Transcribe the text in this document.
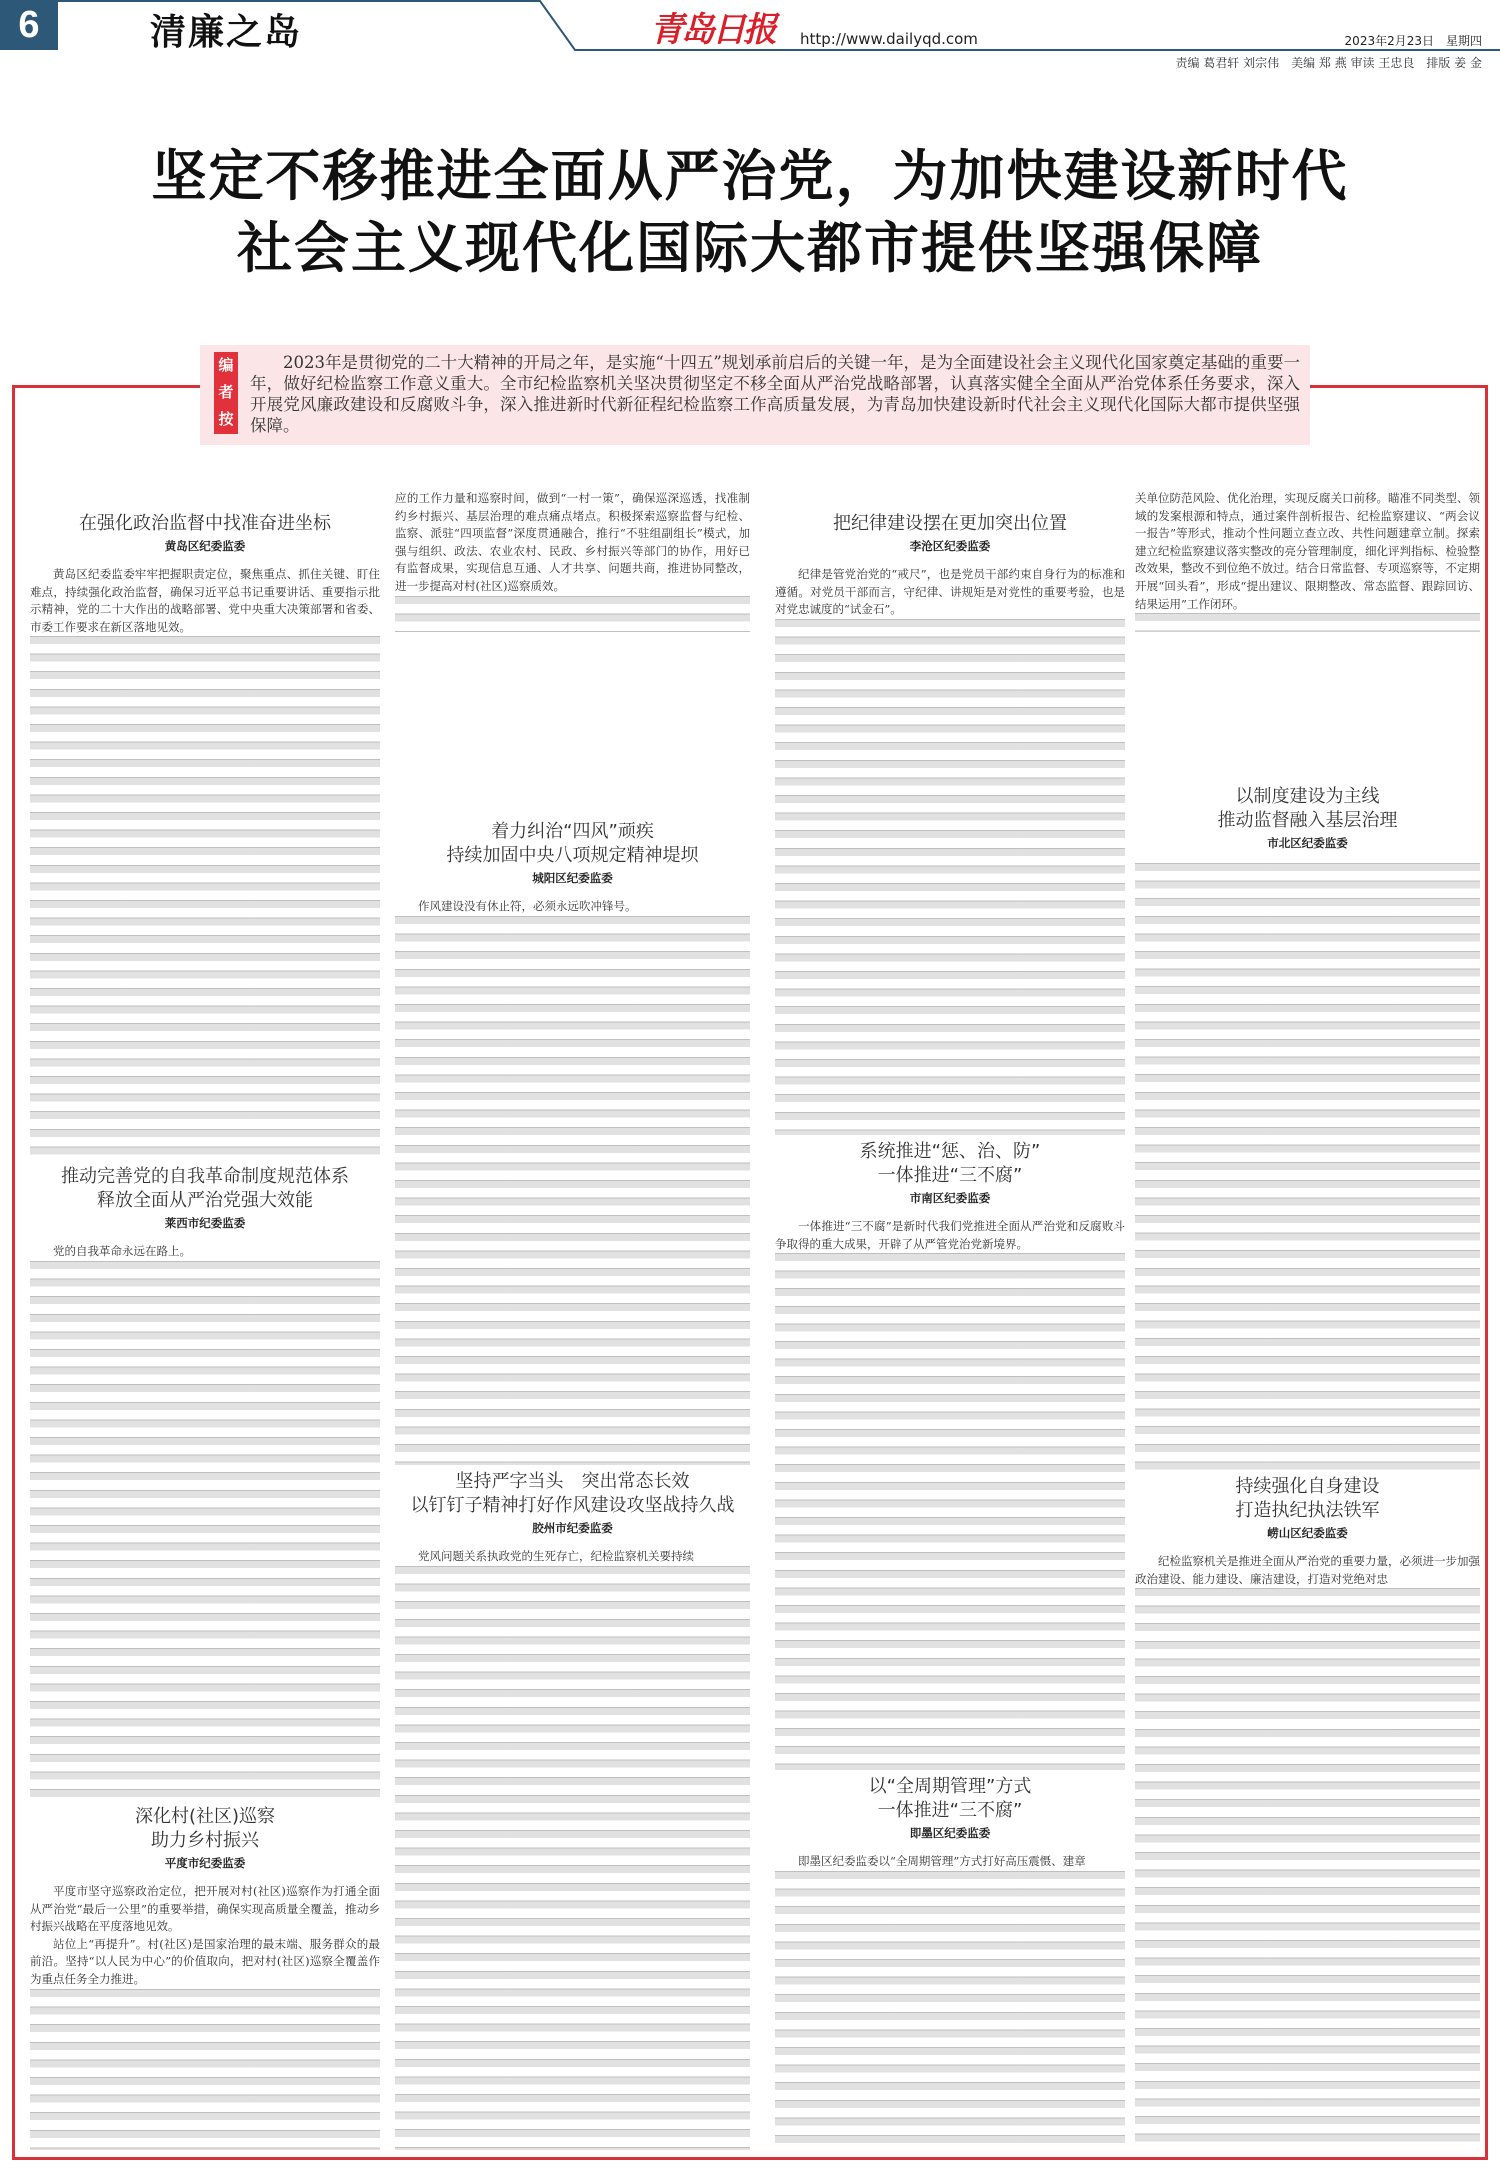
6	清廉之岛	青岛日报 http://www.dailyqd.com	2023年2月23日　星期四
责编 葛君轩 刘宗伟　美编 郑 燕 审读 王忠良　排版 姜 金
坚定不移推进全面从严治党，为加快建设新时代
社会主义现代化国际大都市提供坚强保障
编者按
2023年是贯彻党的二十大精神的开局之年，是实施“十四五”规划承前启后的关键一年，是为全面建设社会主义现代化国家奠定基础的重要一年，做好纪检监察工作意义重大。全市纪检监察机关坚决贯彻坚定不移全面从严治党战略部署，认真落实健全全面从严治党体系任务要求，深入开展党风廉政建设和反腐败斗争，深入推进新时代新征程纪检监察工作高质量发展，为青岛加快建设新时代社会主义现代化国际大都市提供坚强保障。
在强化政治监督中找准奋进坐标
黄岛区纪委监委
黄岛区纪委监委牢牢把握职责定位，聚焦重点、抓住关键、盯住难点，持续强化政治监督，确保习近平总书记重要讲话、重要指示批示精神，党的二十大作出的战略部署、党中央重大决策部署和省委、市委工作要求在新区落地见效。
推动完善党的自我革命制度规范体系
释放全面从严治党强大效能
莱西市纪委监委
党的自我革命永远在路上。
深化村(社区)巡察
助力乡村振兴
平度市纪委监委
平度市坚守巡察政治定位，把开展对村(社区)巡察作为打通全面从严治党“最后一公里”的重要举措，确保实现高质量全覆盖，推动乡村振兴战略在平度落地见效。
站位上“再提升”。村(社区)是国家治理的最末端、服务群众的最前沿。坚持“以人民为中心”的价值取向，把对村(社区)巡察全覆盖作为重点任务全力推进。
应的工作力量和巡察时间，做到“一村一策”，确保巡深巡透，找准制约乡村振兴、基层治理的难点痛点堵点。积极探索巡察监督与纪检、监察、派驻“四项监督”深度贯通融合，推行“不驻组副组长”模式，加强与组织、政法、农业农村、民政、乡村振兴等部门的协作，用好已有监督成果，实现信息互通、人才共享、问题共商，推进协同整改，进一步提高对村(社区)巡察质效。
着力纠治“四风”顽疾
持续加固中央八项规定精神堤坝
城阳区纪委监委
作风建设没有休止符，必须永远吹冲锋号。
坚持严字当头　突出常态长效
以钉钉子精神打好作风建设攻坚战持久战
胶州市纪委监委
党风问题关系执政党的生死存亡，纪检监察机关要持续
把纪律建设摆在更加突出位置
李沧区纪委监委
纪律是管党治党的“戒尺”，也是党员干部约束自身行为的标准和遵循。对党员干部而言，守纪律、讲规矩是对党性的重要考验，也是对党忠诚度的“试金石”。
系统推进“惩、治、防”
一体推进“三不腐”
市南区纪委监委
一体推进“三不腐”是新时代我们党推进全面从严治党和反腐败斗争取得的重大成果，开辟了从严管党治党新境界。
以“全周期管理”方式
一体推进“三不腐”
即墨区纪委监委
即墨区纪委监委以“全周期管理”方式打好高压震慑、建章
关单位防范风险、优化治理，实现反腐关口前移。瞄准不同类型、领域的发案根源和特点，通过案件剖析报告、纪检监察建议、“两会议一报告”等形式，推动个性问题立查立改、共性问题建章立制。探索建立纪检监察建议落实整改的亮分管理制度，细化评判指标、检验整改效果，整改不到位绝不放过。结合日常监督、专项巡察等，不定期开展“回头看”，形成“提出建议、限期整改、常态监督、跟踪回访、结果运用”工作闭环。
以制度建设为主线
推动监督融入基层治理
市北区纪委监委
持续强化自身建设
打造执纪执法铁军
崂山区纪委监委
纪检监察机关是推进全面从严治党的重要力量，必须进一步加强政治建设、能力建设、廉洁建设，打造对党绝对忠
